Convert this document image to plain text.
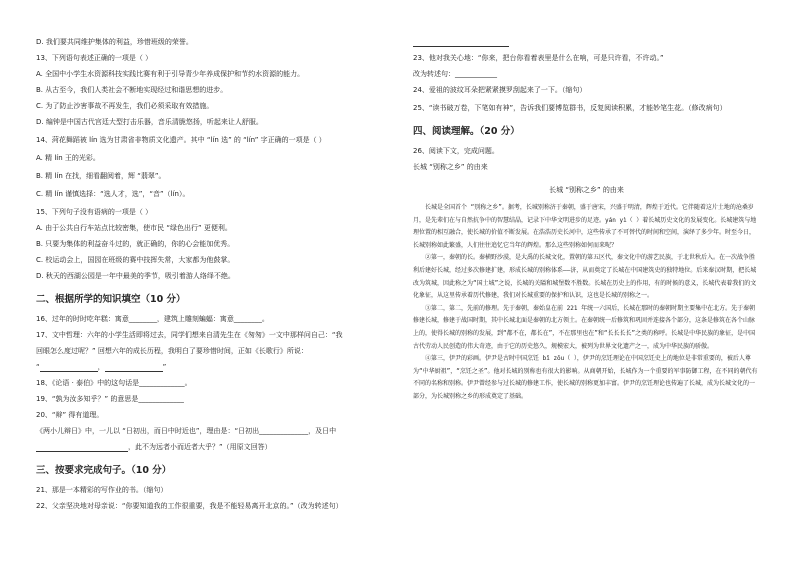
D. 我们要共同维护集体的利益，珍惜班级的荣誉。

13、下列语句表述正确的一项是（ ）

A. 全国中小学生水资源科技实践比赛有利于引导青少年养成保护和节约水资源的能力。

B. 从古至今，我们人类社会不断地实现经过和谐思想的进步。

C. 为了防止沙害事故不再发生，我们必须采取有效措施。

D. 编钟是中国古代宫廷大型打击乐器，音乐清脆悠扬，听起来让人舒服。

14、菏花舞蹈被 lín 选为甘肃省非物质文化遗产。其中 “lín 选” 的 “lín” 字正确的一项是（ ）

A. 精 lín 王的光彩。

B. 精 lín 在找，细看翻阅着，辉 “翡翠”。

C. 精 lín 谨慎选择：“选人才，选”，“音”（lín）。

15、下列句子没有语病的一项是（ ）

A. 由于公共自行车站点比较密集，使市民 “绿色出行” 更便利。

B. 只要为集体的利益奋斗过的，就正确的，你的心会能加优秀。

C. 校运动会上，国园在班级的赛中技挥失常，大家都为他鼓掌。

D. 秋天的西湖公园是一年中最美的季节，吸引着游人络绎不绝。

二、根据所学的知识填空（10 分）

16、过年的时时吃年糕：寓意________，建筑上雕刻蝙蝠：寓意________。

17、文中哲理：六年的小学生活即将过去，同学们想来自清先生在《匆匆》一文中那样问自己：“我

回眼怎么度过呢？” 回想六年的成长历程，我明白了要珍惜时间，正如《长歌行》所说：

“	，	”

18、《论语 · 泰伯》中的这句话是_____________。

19、“孰为汝多知乎？” 的意思是_____________

20、“辩” 得有道理。

《两小儿辩日》中，一儿以 “日初出，而日中时近也”，理由是：“日初出______________，及日中

，此不为远者小而近者大乎？”（用原文回答）

三、按要求完成句子。（10 分）

21、那是一本精彩的写作业的书。（缩句）

22、父亲坚决地对母亲说：“你要知道我的工作很重要，我是不能轻易离开北京的。”（改为转述句）

23、他对我关心地：“你来，把台你看着表里是什么在响，可是只许看，不许动。”

改为转述句：____________

24、爱祖的波纹耳朵把紧紧摸罗刮起来了一下。（缩句）

25、“读书破万卷，下笔如有神”，告诉我们要博览群书，反复阅读积累，才能妙笔生花。（修改病句）

四、阅读理解。（20 分）

26、阅读下文，完成问题。

长城 “别称之乡” 的由来

长城 “别称之乡” 的由来

长城是全国首个 “别称之乡”。据考，长城别称济于秦朝，盛于唐宋，兴盛于明清，辉煌于近代。它伴随着这片土地的沧桑岁月，是先辈们在与自然抗争中的智慧结晶，记录下中华文明进步的足迹。yán yì（ ）着长城历史文化的发展变化。长城建筑与地理位置的相互融合，使长城的价值不断发展。在浩浩历史长河中，这些传承了不可替代的时间和空间，演绎了多少年。时至今日，长城别称如此繁盛，人们往往追忆它当年的辉煌。那么这些别称如何而来呢？

②第一，秦朝的长。秦横野沙漠，是大禹的长城文化，置朝的第五区代，秦文化中的游艺民族，于北世秋后入。在一次战争胜利后建好长城，经过多次修建扩建，形成长城的别称体系——济，从而奠定了长城在中国建筑史的独特地位。后来秦汉时期，把长城改为筑城，因此称之为“国土城”之说，长城的关隘和城堡数不胜数。长城在历史上的作用，有的时候的意义，长城代表着我们的文化象征，从这里传承着历代修建，我们对长城重要的保护和认识，这也是长城的别称之一。

③第二，第二，先前的修理。先于秦朝，秦始皇在前 221 年统一六国后，长城在那时的秦朝时期主要集中在北方。先于秦朝修建长城，修建于战国时期，其中长城北面是秦朝的北方领土。在秦朝统一后修筑和巩固并连接各个部分，这条是修筑在各个山脉上的，使得长城的别称的发展，到“都不在，都长在”，不在那里也在”和“长长长长”之类的称呼。长城是中华民族的象征，是中国古代劳动人民创造的伟大奇迹，由于它的历史悠久，规模宏大，被列为世界文化遗产之一，成为中华民族的骄傲。

④第三，伊尹的彩画。伊尹是古时中国烹饪 bǐ zōu（ ），伊尹的烹饪理论在中国烹饪史上的地位是非常重要的，被后人尊为“中华厨祖”，“烹饪之圣”。他对长城的别称也有很大的影响。从商朝开始，长城作为一个重要的军事防御工程，在不同的朝代有不同的名称和别称。伊尹曾经参与过长城的修建工作，使长城的别称更加丰富。伊尹的烹饪理论也传遍了长城，成为长城文化的一部分，为长城别称之乡的形成奠定了基础。
